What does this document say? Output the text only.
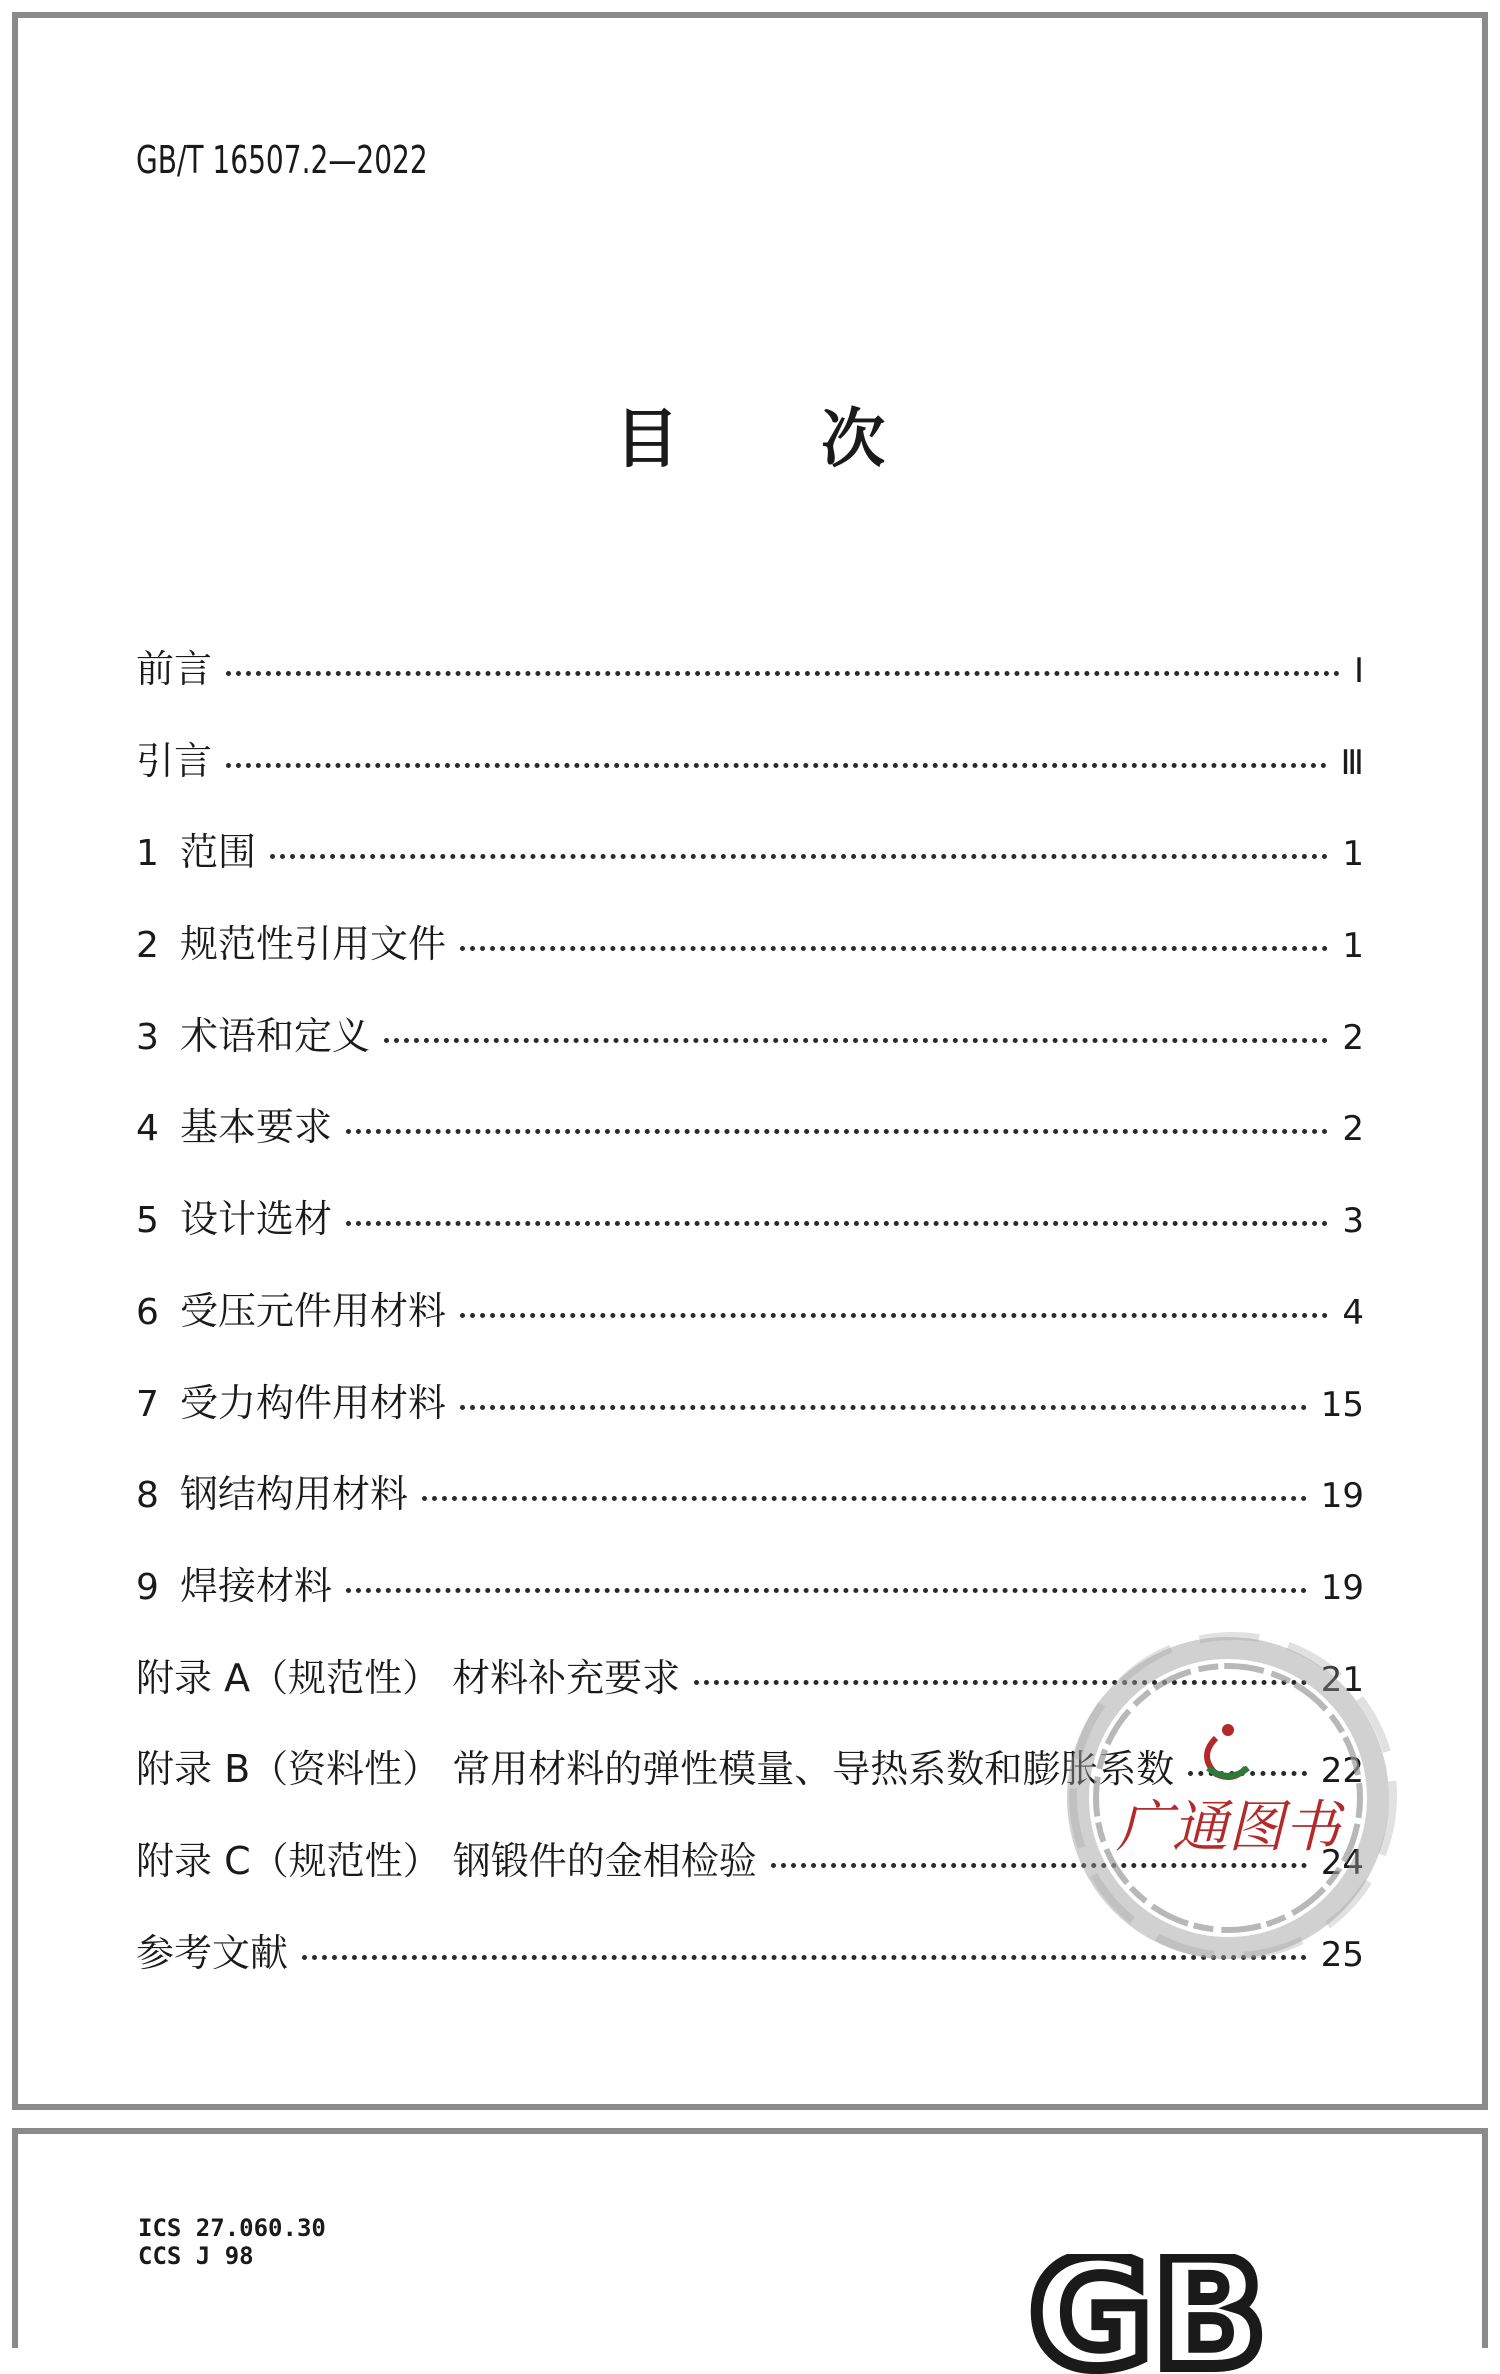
GB/T 16507.2—2022
目 次
前言	Ⅰ
引言	Ⅲ
1 范围	1
2 规范性引用文件	1
3 术语和定义	2
4 基本要求	2
5 设计选材	3
6 受压元件用材料	4
7 受力构件用材料	15
8 钢结构用材料	19
9 焊接材料	19
附录 A（规范性） 材料补充要求	21
附录 B（资料性） 常用材料的弹性模量、导热系数和膨胀系数	22
附录 C（规范性） 钢锻件的金相检验	24
参考文献	25
广通图书
ICS 27.060.30
CCS J 98	GB
